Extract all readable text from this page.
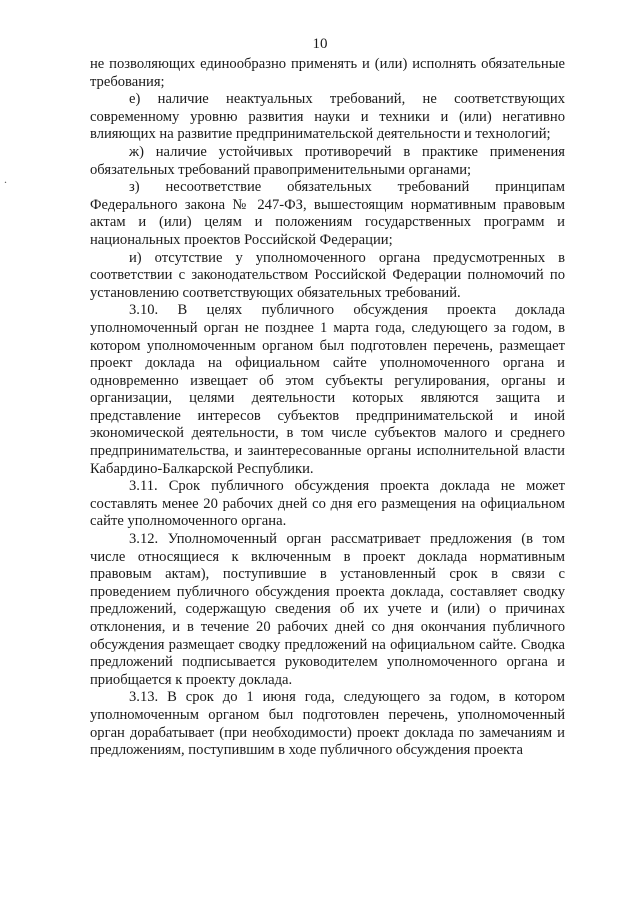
10
.

не позволяющих единообразно применять и (или) исполнять обязательные требования;

е) наличие неактуальных требований, не соответствующих современному уровню развития науки и техники и (или) негативно влияющих на развитие предпринимательской деятельности и технологий;

ж) наличие устойчивых противоречий в практике применения обязательных требований правоприменительными органами;

з) несоответствие обязательных требований принципам Федерального закона № 247-ФЗ, вышестоящим нормативным правовым актам и (или) целям и положениям государственных программ и национальных проектов Российской Федерации;

и) отсутствие у уполномоченного органа предусмотренных в соответствии с законодательством Российской Федерации полномочий по установлению соответствующих обязательных требований.

3.10. В целях публичного обсуждения проекта доклада уполномоченный орган не позднее 1 марта года, следующего за годом, в котором уполномоченным органом был подготовлен перечень, размещает проект доклада на официальном сайте уполномоченного органа и одновременно извещает об этом субъекты регулирования, органы и организации, целями деятельности которых являются защита и представление интересов субъектов предпринимательской и иной экономической деятельности, в том числе субъектов малого и среднего предпринимательства, и заинтересованные органы исполнительной власти Кабардино-Балкарской Республики.

3.11. Срок публичного обсуждения проекта доклада не может составлять менее 20 рабочих дней со дня его размещения на официальном сайте уполномоченного органа.

3.12. Уполномоченный орган рассматривает предложения (в том числе относящиеся к включенным в проект доклада нормативным правовым актам), поступившие в установленный срок в связи с проведением публичного обсуждения проекта доклада, составляет сводку предложений, содержащую сведения об их учете и (или) о причинах отклонения, и в течение 20 рабочих дней со дня окончания публичного обсуждения размещает сводку предложений на официальном сайте. Сводка предложений подписывается руководителем уполномоченного органа и приобщается к проекту доклада.

3.13. В срок до 1 июня года, следующего за годом, в котором уполномоченным органом был подготовлен перечень, уполномоченный орган дорабатывает (при необходимости) проект доклада по замечаниям и предложениям, поступившим в ходе публичного обсуждения проекта
